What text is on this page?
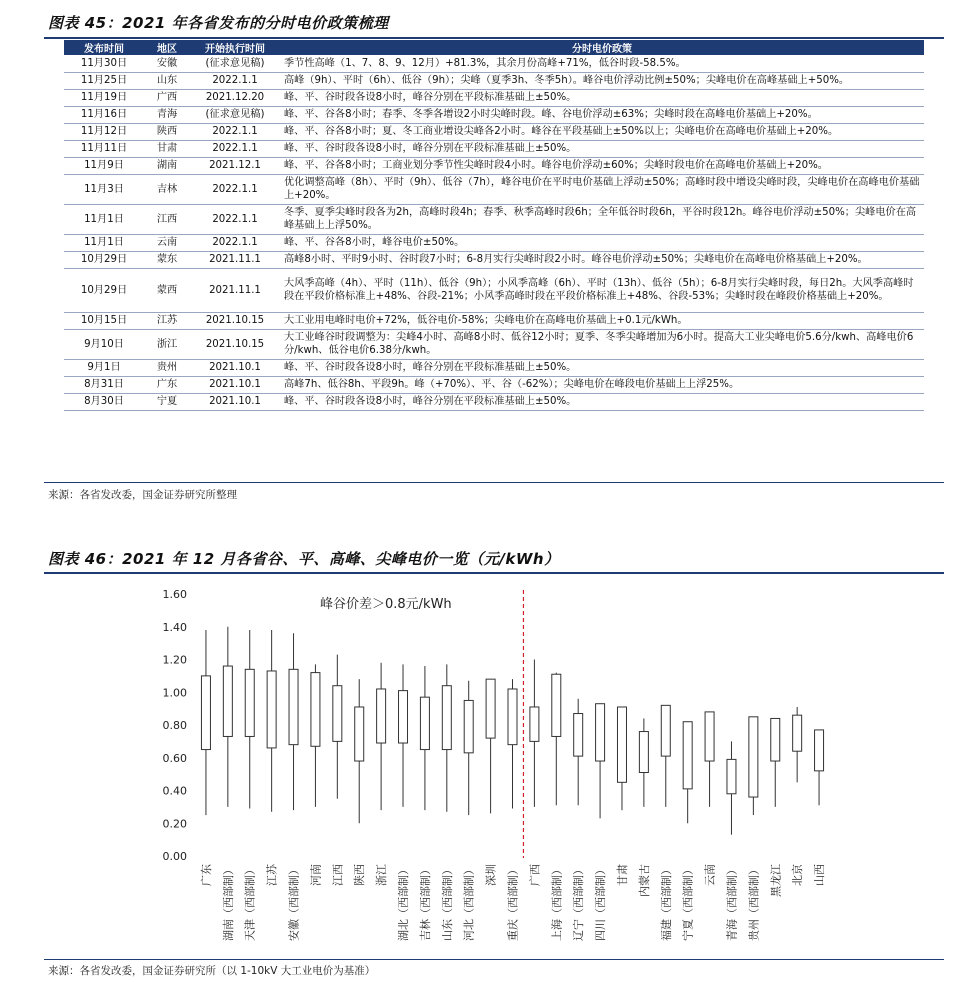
图表 45：2021 年各省发布的分时电价政策梳理
发布时间	地区	开始执行时间	分时电价政策
11月30日	安徽	(征求意见稿)	季节性高峰（1、7、8、9、12月）+81.3%，其余月份高峰+71%，低谷时段-58.5%。
11月25日	山东	2022.1.1	高峰（9h）、平时（6h）、低谷（9h）；尖峰（夏季3h、冬季5h）。峰谷电价浮动比例±50%；尖峰电价在高峰基础上+50%。
11月19日	广西	2021.12.20	峰、平、谷时段各设8小时，峰谷分别在平段标准基础上±50%。
11月16日	青海	(征求意见稿)	峰、平、谷各8小时；春季、冬季各增设2小时尖峰时段。峰、谷电价浮动±63%；尖峰时段在高峰电价基础上+20%。
11月12日	陕西	2022.1.1	峰、平、谷各8小时；夏、冬工商业增设尖峰各2小时。峰谷在平段基础上±50%以上；尖峰电价在高峰电价基础上+20%。
11月11日	甘肃	2022.1.1	峰、平、谷时段各设8小时，峰谷分别在平段标准基础上±50%。
11月9日	湖南	2021.12.1	峰、平、谷各8小时；工商业划分季节性尖峰时段4小时。峰谷电价浮动±60%；尖峰时段电价在高峰电价基础上+20%。
11月3日	吉林	2022.1.1	优化调整高峰（8h）、平时（9h）、低谷（7h），峰谷电价在平时电价基础上浮动±50%；高峰时段中增设尖峰时段，尖峰电价在高峰电价基础上+20%。
11月1日	江西	2022.1.1	冬季、夏季尖峰时段各为2h，高峰时段4h；春季、秋季高峰时段6h；全年低谷时段6h，平谷时段12h。峰谷电价浮动±50%；尖峰电价在高峰基础上上浮50%。
11月1日	云南	2022.1.1	峰、平、谷各8小时，峰谷电价±50%。
10月29日	蒙东	2021.11.1	高峰8小时、平时9小时、谷时段7小时；6-8月实行尖峰时段2小时。峰谷电价浮动±50%；尖峰电价在高峰电价格基础上+20%。
10月29日	蒙西	2021.11.1	大风季高峰（4h）、平时（11h）、低谷（9h）；小风季高峰（6h）、平时（13h）、低谷（5h）；6-8月实行尖峰时段，每日2h。大风季高峰时段在平段价格标准上+48%、谷段-21%；小风季高峰时段在平段价格标准上+48%、谷段-53%；尖峰时段在峰段价格基础上+20%。
10月15日	江苏	2021.10.15	大工业用电峰时电价+72%，低谷电价-58%；尖峰电价在高峰电价基础上+0.1元/kWh。
9月10日	浙江	2021.10.15	大工业峰谷时段调整为：尖峰4小时、高峰8小时、低谷12小时；夏季、冬季尖峰增加为6小时。提高大工业尖峰电价5.6分/kwh、高峰电价6分/kwh、低谷电价6.38分/kwh。
9月1日	贵州	2021.10.1	峰、平、谷时段各设8小时，峰谷分别在平段标准基础上±50%。
8月31日	广东	2021.10.1	高峰7h、低谷8h、平段9h。峰（+70%）、平、谷（-62%）；尖峰电价在峰段电价基础上上浮25%。
8月30日	宁夏	2021.10.1	峰、平、谷时段各设8小时，峰谷分别在平段标准基础上±50%。
来源：各省发改委，国金证券研究所整理
图表 46：2021 年 12 月各省谷、平、高峰、尖峰电价一览（元/kWh）
0.00
0.20
0.40
0.60
0.80
1.00
1.20
1.40
1.60
广东 湖南（西部制） 天津（西部制） 江苏 安徽（西部制） 河南 江西 陕西 浙江 湖北（西部制） 吉林（西部制） 山东（西部制） 河北（西部制） 深圳 重庆（西部制） 广西 上海（西部制） 辽宁（西部制） 四川（西部制） 甘肃 内蒙古 福建（西部制） 宁夏（西部制） 云南 青海（西部制） 贵州（西部制） 黑龙江 北京 山西
峰谷价差＞0.8元/kWh
来源：各省发改委，国金证券研究所（以 1-10kV 大工业电价为基准）
